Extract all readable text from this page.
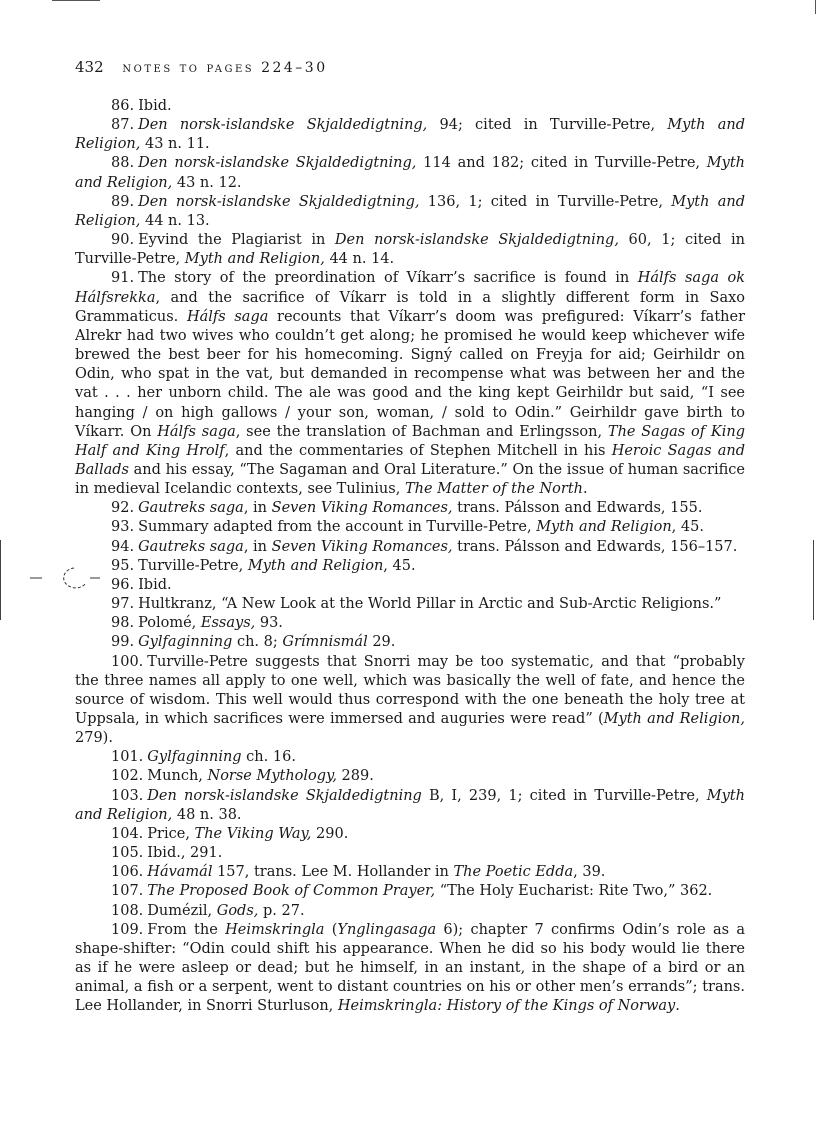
432 notes to pages 224–30

86. Ibid.

87. Den norsk-islandske Skjaldedigtning, 94; cited in Turville-Petre, Myth and Religion, 43 n. 11.

88. Den norsk-islandske Skjaldedigtning, 114 and 182; cited in Turville-Petre, Myth and Religion, 43 n. 12.

89. Den norsk-islandske Skjaldedigtning, 136, 1; cited in Turville-Petre, Myth and Religion, 44 n. 13.

90. Eyvind the Plagiarist in Den norsk-islandske Skjaldedigtning, 60, 1; cited in Turville-Petre, Myth and Religion, 44 n. 14.

91. The story of the preordination of Víkarr’s sacrifice is found in Hálfs saga ok Hálfsrekka, and the sacrifice of Víkarr is told in a slightly different form in Saxo Grammaticus. Hálfs saga recounts that Víkarr’s doom was prefigured: Víkarr’s father Alrekr had two wives who couldn’t get along; he promised he would keep whichever wife brewed the best beer for his homecoming. Signý called on Freyja for aid; Geirhildr on Odin, who spat in the vat, but demanded in recompense what was between her and the vat . . . her unborn child. The ale was good and the king kept Geirhildr but said, “I see hanging / on high gallows / your son, woman, / sold to Odin.” Geirhildr gave birth to Víkarr. On Hálfs saga, see the translation of Bachman and Erlingsson, The Sagas of King Half and King Hrolf, and the commentaries of Stephen Mitchell in his Heroic Sagas and Ballads and his essay, “The Sagaman and Oral Literature.” On the issue of human sacrifice in medieval Icelandic contexts, see Tulinius, The Matter of the North.

92. Gautreks saga, in Seven Viking Romances, trans. Pálsson and Edwards, 155.

93. Summary adapted from the account in Turville-Petre, Myth and Religion, 45.

94. Gautreks saga, in Seven Viking Romances, trans. Pálsson and Edwards, 156–157.

95. Turville-Petre, Myth and Religion, 45.

96. Ibid.

97. Hultkranz, “A New Look at the World Pillar in Arctic and Sub-Arctic Religions.”

98. Polomé, Essays, 93.

99. Gylfaginning ch. 8; Grímnismál 29.

100. Turville-Petre suggests that Snorri may be too systematic, and that “probably the three names all apply to one well, which was basically the well of fate, and hence the source of wisdom. This well would thus correspond with the one beneath the holy tree at Uppsala, in which sacrifices were immersed and auguries were read” (Myth and Religion, 279).

101. Gylfaginning ch. 16.

102. Munch, Norse Mythology, 289.

103. Den norsk-islandske Skjaldedigtning B, I, 239, 1; cited in Turville-Petre, Myth and Religion, 48 n. 38.

104. Price, The Viking Way, 290.

105. Ibid., 291.

106. Hávamál 157, trans. Lee M. Hollander in The Poetic Edda, 39.

107. The Proposed Book of Common Prayer, “The Holy Eucharist: Rite Two,” 362.

108. Dumézil, Gods, p. 27.

109. From the Heimskringla (Ynglingasaga 6); chapter 7 confirms Odin’s role as a shape-shifter: “Odin could shift his appearance. When he did so his body would lie there as if he were asleep or dead; but he himself, in an instant, in the shape of a bird or an animal, a fish or a serpent, went to distant countries on his or other men’s errands”; trans. Lee Hollander, in Snorri Sturluson, Heimskringla: History of the Kings of Norway.
